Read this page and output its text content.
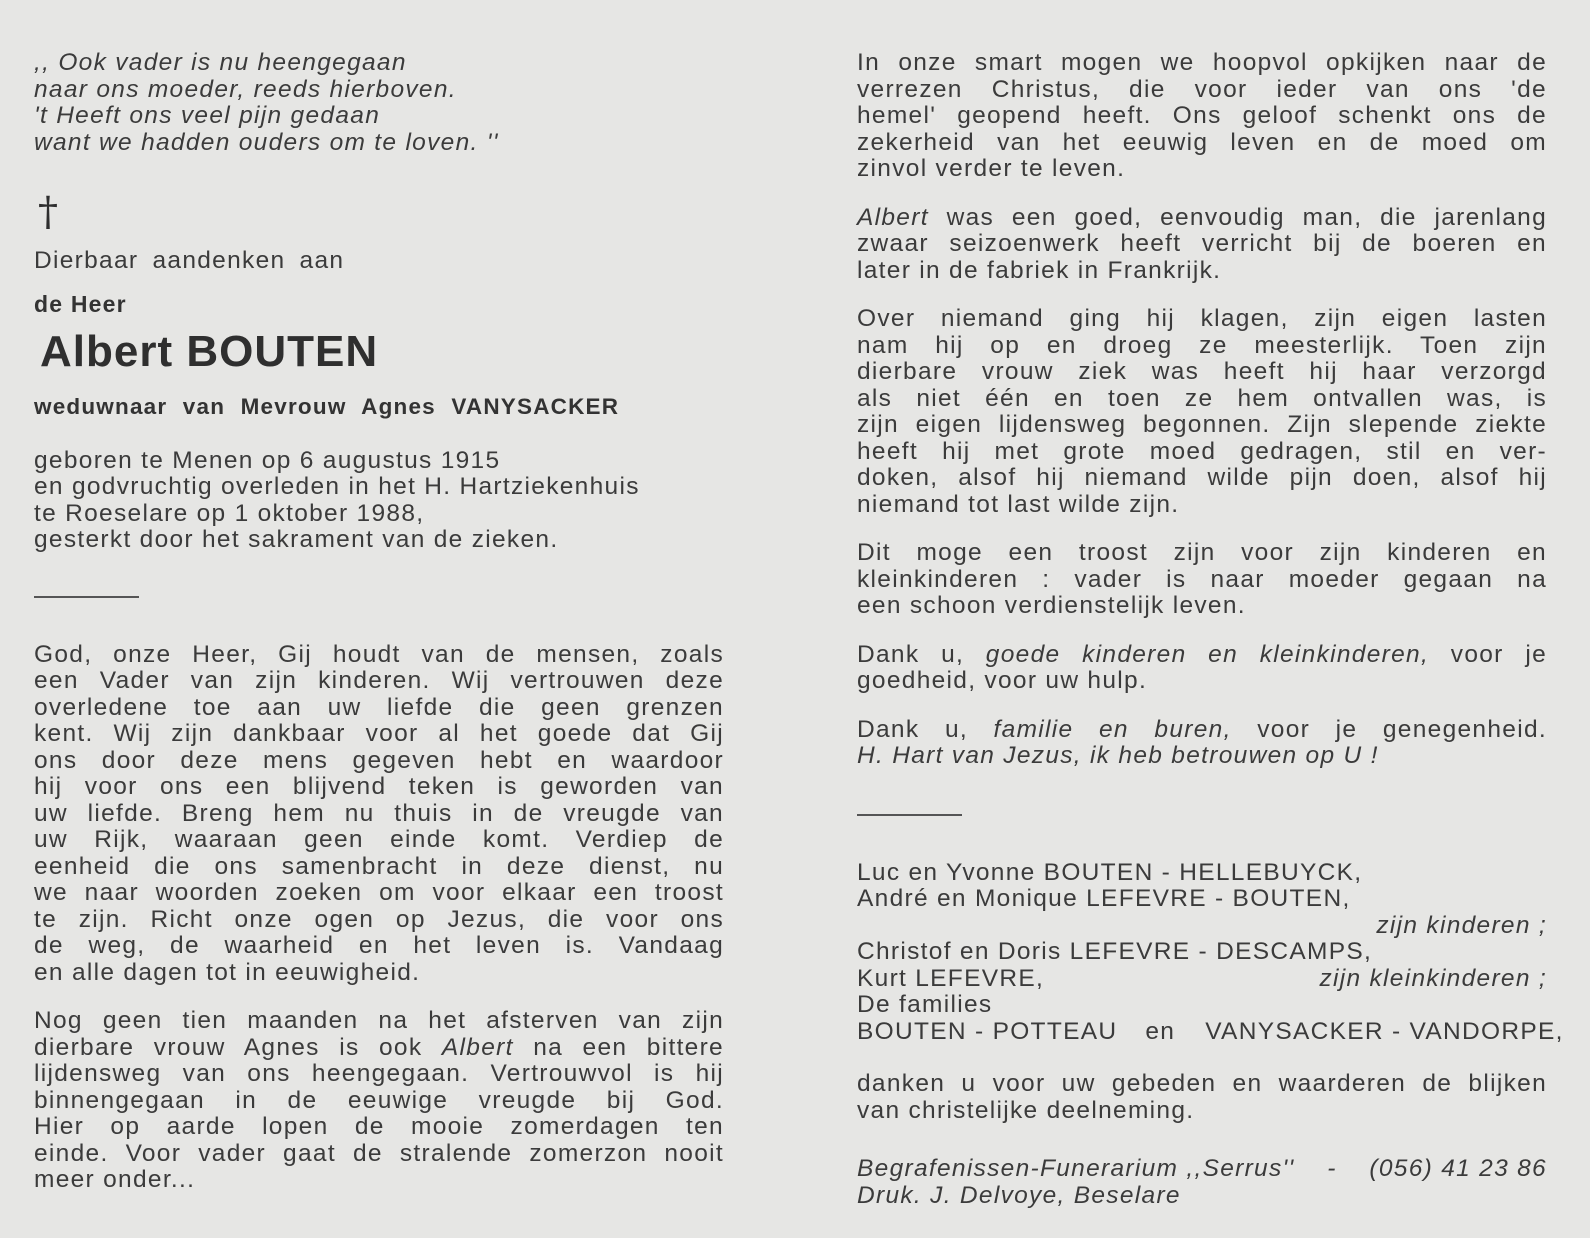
,, Ook vader is nu heengegaan
naar ons moeder, reeds hierboven.
't Heeft ons veel pijn gedaan
want we hadden ouders om te loven. ''
†

Dierbaar aandenken aan

de Heer

Albert BOUTEN

weduwnaar van Mevrouw Agnes VANYSACKER

geboren te Menen op 6 augustus 1915
en godvruchtig overleden in het H. Hartziekenhuis
te Roeselare op 1 oktober 1988,
gesterkt door het sakrament van de zieken.
God, onze Heer, Gij houdt van de mensen, zoals
een Vader van zijn kinderen. Wij vertrouwen deze
overledene toe aan uw liefde die geen grenzen
kent. Wij zijn dankbaar voor al het goede dat Gij
ons door deze mens gegeven hebt en waardoor
hij voor ons een blijvend teken is geworden van
uw liefde. Breng hem nu thuis in de vreugde van
uw Rijk, waaraan geen einde komt. Verdiep de
eenheid die ons samenbracht in deze dienst, nu
we naar woorden zoeken om voor elkaar een troost
te zijn. Richt onze ogen op Jezus, die voor ons
de weg, de waarheid en het leven is. Vandaag
en alle dagen tot in eeuwigheid.
Nog geen tien maanden na het afsterven van zijn
dierbare vrouw Agnes is ook Albert na een bittere
lijdensweg van ons heengegaan. Vertrouwvol is hij
binnengegaan in de eeuwige vreugde bij God.
Hier op aarde lopen de mooie zomerdagen ten
einde. Voor vader gaat de stralende zomerzon nooit
meer onder...
In onze smart mogen we hoopvol opkijken naar de
verrezen Christus, die voor ieder van ons 'de
hemel' geopend heeft. Ons geloof schenkt ons de
zekerheid van het eeuwig leven en de moed om
zinvol verder te leven.
Albert was een goed, eenvoudig man, die jarenlang
zwaar seizoenwerk heeft verricht bij de boeren en
later in de fabriek in Frankrijk.
Over niemand ging hij klagen, zijn eigen lasten
nam hij op en droeg ze meesterlijk. Toen zijn
dierbare vrouw ziek was heeft hij haar verzorgd
als niet één en toen ze hem ontvallen was, is
zijn eigen lijdensweg begonnen. Zijn slepende ziekte
heeft hij met grote moed gedragen, stil en ver-
doken, alsof hij niemand wilde pijn doen, alsof hij
niemand tot last wilde zijn.
Dit moge een troost zijn voor zijn kinderen en
kleinkinderen : vader is naar moeder gegaan na
een schoon verdienstelijk leven.
Dank u, goede kinderen en kleinkinderen, voor je
goedheid, voor uw hulp.
Dank u, familie en buren, voor je genegenheid.
H. Hart van Jezus, ik heb betrouwen op U !
Luc en Yvonne BOUTEN - HELLEBUYCK,
André en Monique LEFEVRE - BOUTEN,
zijn kinderen ;
Christof en Doris LEFEVRE - DESCAMPS,
Kurt LEFEVRE,	zijn kleinkinderen ;
De families
BOUTEN - POTTEAU en VANYSACKER - VANDORPE,
danken u voor uw gebeden en waarderen de blijken
van christelijke deelneming.
Begrafenissen-Funerarium ,,Serrus'' - (056) 41 23 86
Druk. J. Delvoye, Beselare
